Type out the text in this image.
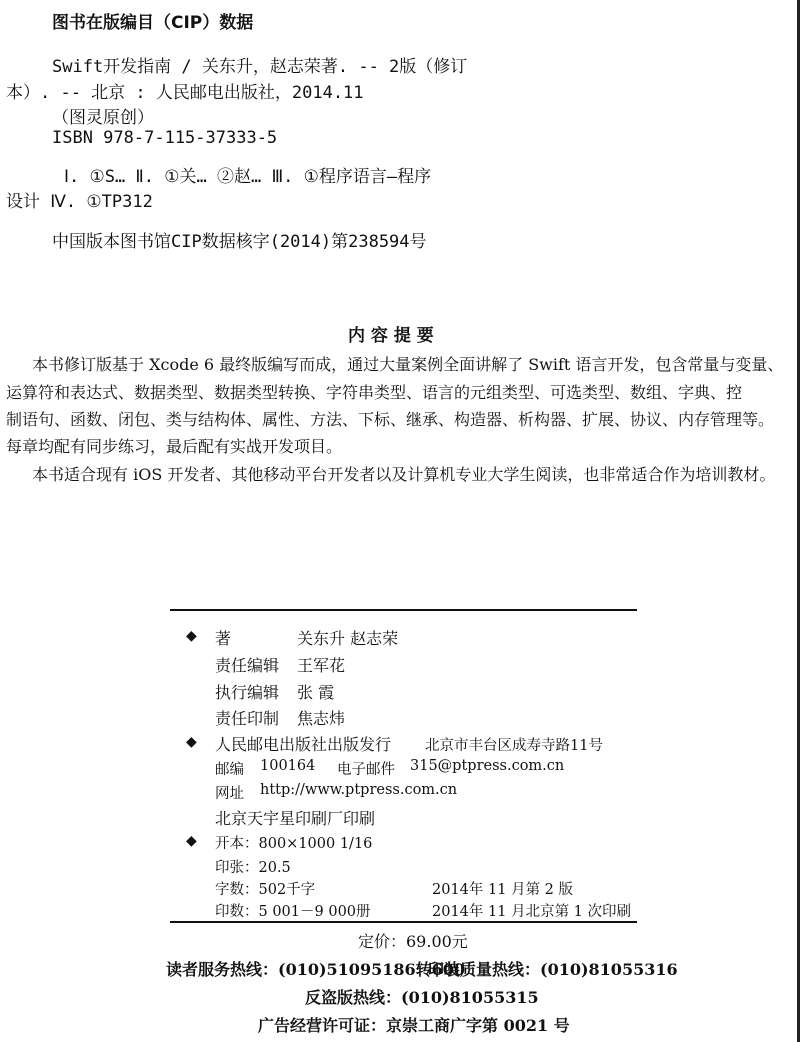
图书在版编目（CIP）数据
Swift开发指南 / 关东升，赵志荣著. -- 2版（修订
本）. -- 北京 : 人民邮电出版社，2014.11
（图灵原创）
ISBN 978-7-115-37333-5
Ⅰ. ①S… Ⅱ. ①关… ②赵… Ⅲ. ①程序语言—程序
设计 Ⅳ. ①TP312
中国版本图书馆CIP数据核字(2014)第238594号
内 容 提 要
本书修订版基于 Xcode 6 最终版编写而成，通过大量案例全面讲解了 Swift 语言开发，包含常量与变量、
运算符和表达式、数据类型、数据类型转换、字符串类型、语言的元组类型、可选类型、数组、字典、控
制语句、函数、闭包、类与结构体、属性、方法、下标、继承、构造器、析构器、扩展、协议、内存管理等。
每章均配有同步练习，最后配有实战开发项目。
本书适合现有 iOS 开发者、其他移动平台开发者以及计算机专业大学生阅读，也非常适合作为培训教材。
◆ 著	关东升 赵志荣
责任编辑 王军花
执行编辑 张 霞
责任印制 焦志炜
◆ 人民邮电出版社出版发行 北京市丰台区成寿寺路11号
邮编 100164 电子邮件 315@ptpress.com.cn
网址 http://www.ptpress.com.cn
北京天宇星印刷厂印刷
◆ 开本：800×1000 1/16
印张：20.5
字数：502千字	2014年 11 月第 2 版
印数：5 001－9 000册	2014年 11 月北京第 1 次印刷
定价：69.00元
读者服务热线：(010)51095186转600
印装质量热线：(010)81055316
反盗版热线：(010)81055315
广告经营许可证：京崇工商广字第 0021 号
